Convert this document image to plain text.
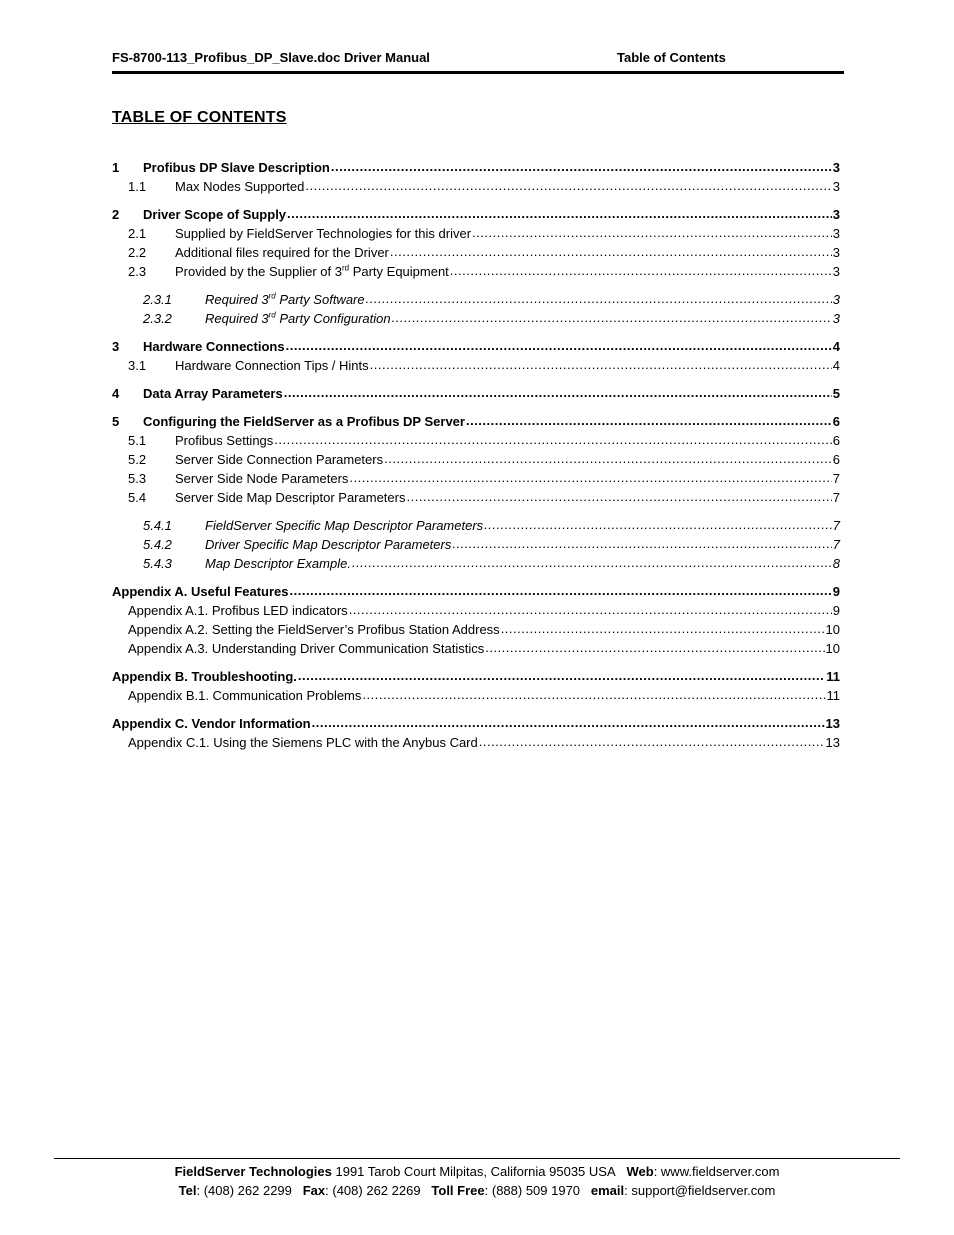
FS-8700-113_Profibus_DP_Slave.doc Driver Manual	Table of Contents
TABLE OF CONTENTS
1	Profibus DP Slave Description .....	3
1.1	Max Nodes Supported .....	3
2	Driver Scope of Supply .....	3
2.1	Supplied by FieldServer Technologies for this driver .....	3
2.2	Additional files required for the Driver .....	3
2.3	Provided by the Supplier of 3rd Party Equipment .....	3
2.3.1	Required 3rd Party Software .....	3
2.3.2	Required 3rd Party Configuration .....	3
3	Hardware Connections .....	4
3.1	Hardware Connection Tips / Hints .....	4
4	Data Array Parameters .....	5
5	Configuring the FieldServer as a Profibus DP Server .....	6
5.1	Profibus Settings .....	6
5.2	Server Side Connection Parameters .....	6
5.3	Server Side Node Parameters .....	7
5.4	Server Side Map Descriptor Parameters .....	7
5.4.1	FieldServer Specific Map Descriptor Parameters .....	7
5.4.2	Driver Specific Map Descriptor Parameters .....	7
5.4.3	Map Descriptor Example. .....	8
Appendix A. Useful Features .....	9
Appendix A.1. Profibus LED indicators .....	9
Appendix A.2. Setting the FieldServer’s Profibus Station Address .....	10
Appendix A.3. Understanding Driver Communication Statistics .....	10
Appendix B. Troubleshooting. .....	11
Appendix B.1. Communication Problems .....	11
Appendix C. Vendor Information .....	13
Appendix C.1. Using the Siemens PLC with the Anybus Card .....	13
FieldServer Technologies 1991 Tarob Court Milpitas, California 95035 USA Web: www.fieldserver.com
Tel: (408) 262 2299 Fax: (408) 262 2269 Toll Free: (888) 509 1970 email: support@fieldserver.com
